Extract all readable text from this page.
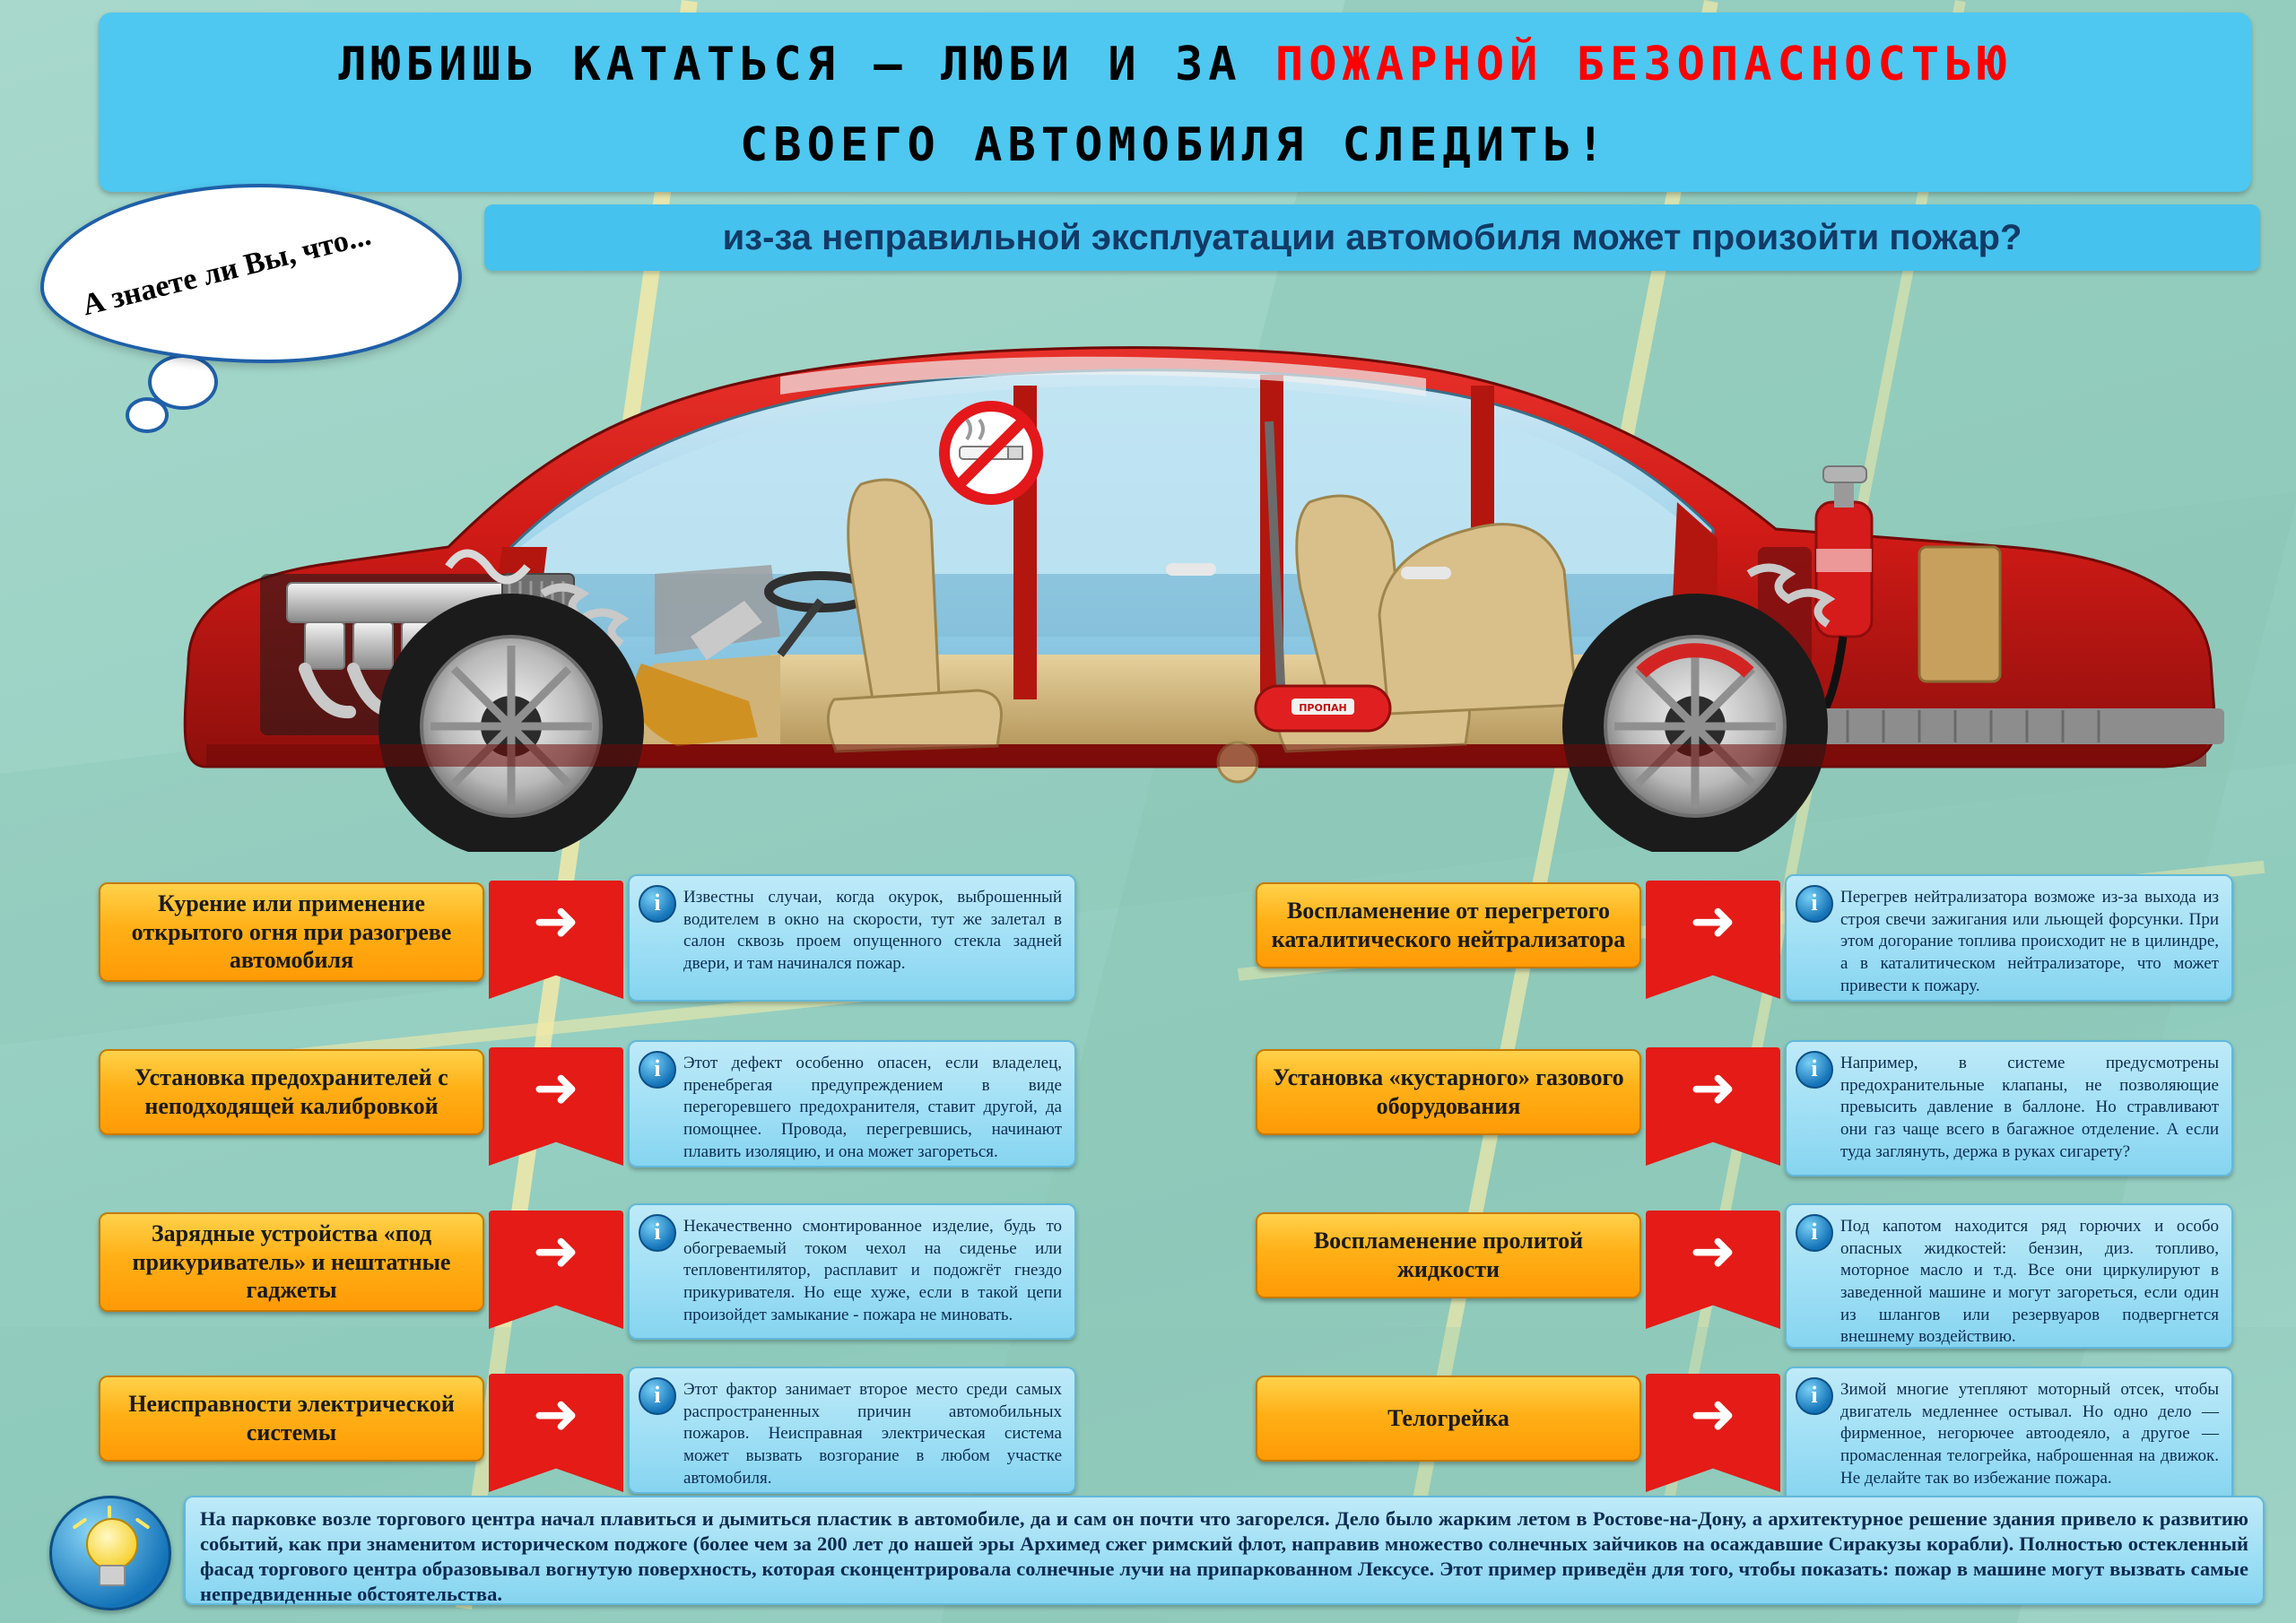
ЛЮБИШЬ КАТАТЬСЯ – ЛЮБИ И ЗА ПОЖАРНОЙ БЕЗОПАСНОСТЬЮ
СВОЕГО АВТОМОБИЛЯ СЛЕДИТЬ!
из-за неправильной эксплуатации автомобиля может произойти пожар?
А знаете ли Вы, что...
ПРОПАН
Курение или применение открытого огня при разогреве автомобиля
➜	i	Известны случаи, когда окурок, выброшенный водителем в окно на скорости, тут же залетал в салон сквозь проем опущенного стекла задней двери, и там начинался пожар.
Установка предохранителей с неподходящей калибровкой	➜	i	Этот дефект особенно опасен, если владелец, пренебрегая предупреждением в виде перегоревшего предохранителя, ставит другой, да помощнее. Провода, перегревшись, начинают плавить изоляцию, и она может загореться.
Зарядные устройства «под прикуриватель» и нештатные гаджеты
➜	i	Некачественно смонтированное изделие, будь то обогреваемый током чехол на сиденье или тепловентилятор, расплавит и подожгёт гнездо прикуривателя. Но еще хуже, если в такой цепи произойдет замыкание - пожара не миновать.
Неисправности электрической системы	➜	i	Этот фактор занимает второе место среди самых распространенных причин автомобильных пожаров. Неисправная электрическая система может вызвать возгорание в любом участке автомобиля.
Воспламенение от перегретого каталитического нейтрализатора	➜	i	Перегрев нейтрализатора возможе из-за выхода из строя свечи зажигания или льющей форсунки. При этом догорание топлива происходит не в цилиндре, а в каталитическом нейтрализаторе, что может привести к пожару.
Установка «кустарного» газового оборудования	➜	i	Например, в системе предусмотрены предохранительные клапаны, не позволяющие превысить давление в баллоне. Но стравливают они газ чаще всего в багажное отделение. А если туда заглянуть, держа в руках сигарету?
Воспламенение пролитой жидкости	➜	i	Под капотом находится ряд горючих и особо опасных жидкостей: бензин, диз. топливо, моторное масло и т.д. Все они циркулируют в заведенной машине и могут загореться, если один из шлангов или резервуаров подвергнется внешнему воздействию.
Телогрейка	➜	i	Зимой многие утепляют моторный отсек, чтобы двигатель медленнее остывал. Но одно дело — фирменное, негорючее автоодеяло, а другое — промасленная телогрейка, наброшенная на движок. Не делайте так во избежание пожара.
На парковке возле торгового центра начал плавиться и дымиться пластик в автомобиле, да и сам он почти что загорелся. Дело было жарким летом в Ростове-на-Дону, а архитектурное решение здания привело к развитию событий, как при знаменитом историческом поджоге (более чем за 200 лет до нашей эры Архимед сжег римский флот, направив множество солнечных зайчиков на осаждавшие Сиракузы корабли). Полностью остекленный фасад торгового центра образовывал вогнутую поверхность, которая сконцентрировала солнечные лучи на припаркованном Лексусе. Этот пример приведён для того, чтобы показать: пожар в машине могут вызвать самые непредвиденные обстоятельства.
